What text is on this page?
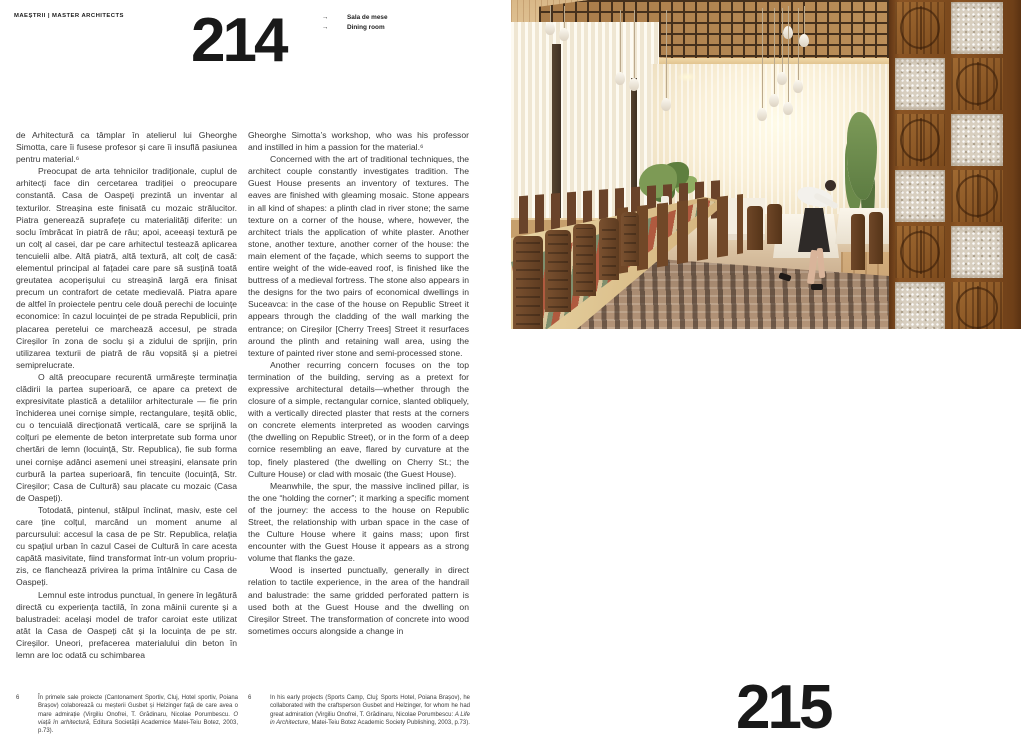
MAEȘTRII | MASTER ARCHITECTS 214
215
→	Sala de mese
→	Dining room

de Arhitectură ca tâmplar în atelierul lui Gheorghe Simotta, care îi fusese profesor și care îi insuflă pasiunea pentru material.⁶

Preocupat de arta tehnicilor tradiționale, cuplul de arhitecți face din cercetarea tradiției o preocupare constantă. Casa de Oaspeți prezintă un inventar al texturilor. Streașina este finisată cu mozaic strălucitor. Piatra generează suprafețe cu materialități diferite: un soclu îmbrăcat în piatră de râu; apoi, aceeași textură pe un colț al casei, dar pe care arhitectul testează aplicarea tencuielii albe. Altă piatră, altă textură, alt colț de casă: elementul principal al fațadei care pare să susțină toată greutatea acoperișului cu streașină largă era finisat precum un contrafort de cetate medievală. Piatra apare de altfel în proiectele pentru cele două perechi de locuințe economice: în cazul locuinței de pe strada Republicii, prin placarea peretelui ce marchează accesul, pe strada Cireșilor în zona de soclu și a zidului de sprijin, prin utilizarea texturii de piatră de râu vopsită și a pietrei semiprelucrate.

O altă preocupare recurentă urmărește terminația clădirii la partea superioară, ce apare ca pretext de expresivitate plastică a detaliilor arhitecturale — fie prin închiderea unei cornișe simple, rectangulare, teșită oblic, cu o tencuială direcționată verticală, care se sprijină la colțuri pe elemente de beton interpretate sub forma unor chertări de lemn (locuință, Str. Republica), fie sub forma unei cornișe adânci asemeni unei streașini, elansate prin curbură la partea superioară, fin tencuite (locuință, Str. Cireșilor; Casa de Cultură) sau placate cu mozaic (Casa de Oaspeți).

Totodată, pintenul, stâlpul înclinat, masiv, este cel care ține colțul, marcând un moment anume al parcursului: accesul la casa de pe Str. Republica, relația cu spațiul urban în cazul Casei de Cultură în care acesta capătă masivitate, fiind transformat într-un volum propriu-zis, ce flanchează privirea la prima întâlnire cu Casa de Oaspeți.

Lemnul este introdus punctual, în genere în legătură directă cu experiența tactilă, în zona mâinii curente și a balustradei: același model de trafor caroiat este utilizat atât la Casa de Oaspeți cât și la locuința de pe str. Cireșilor. Uneori, prefacerea materialului din beton în lemn are loc odată cu schimbarea

Gheorghe Simotta’s workshop, who was his professor and instilled in him a passion for the material.⁶

Concerned with the art of traditional techniques, the architect couple constantly investigates tradition. The Guest House presents an inventory of textures. The eaves are finished with gleaming mosaic. Stone appears in all kind of shapes: a plinth clad in river stone; the same texture on a corner of the house, where, however, the architect trials the application of white plaster. Another stone, another texture, another corner of the house: the main element of the façade, which seems to support the entire weight of the wide-eaved roof, is finished like the buttress of a medieval fortress. The stone also appears in the designs for the two pairs of economical dwellings in Suceavca: in the case of the house on Republic Street it appears through the cladding of the wall marking the entrance; on Cireșilor [Cherry Trees] Street it resurfaces around the plinth and retaining wall area, using the texture of painted river stone and semi-processed stone.

Another recurring concern focuses on the top termination of the building, serving as a pretext for expressive architectural details—whether through the closure of a simple, rectangular cornice, slanted obliquely, with a vertically directed plaster that rests at the corners on concrete elements interpreted as wooden carvings (the dwelling on Republic Street), or in the form of a deep cornice resembling an eave, flared by curvature at the top, finely plastered (the dwelling on Cherry St.; the Culture House) or clad with mosaic (the Guest House).

Meanwhile, the spur, the massive inclined pillar, is the one “holding the corner”; it marking a specific moment of the journey: the access to the house on Republic Street, the relationship with urban space in the case of the Culture House where it gains mass; upon first encounter with the Guest House it appears as a strong volume that flanks the gaze.

Wood is inserted punctually, generally in direct relation to tactile experience, in the area of the handrail and balustrade: the same gridded perforated pattern is used both at the Guest House and the dwelling on Cireșilor Street. The transformation of concrete into wood sometimes occurs alongside a change in

6	În primele sale proiecte (Cantonament Sportiv, Cluj, Hotel sportiv, Poiana Brașov) colaborează cu meșterii Gusbet și Helzinger față de care avea o mare admirație (Virgiliu Onofrei, T. Grădinaru, Nicolae Porumbescu. O viață în arhitectură, Editura Societății Academice Matei-Teiu Botez, 2003, p.73).
6	In his early projects (Sports Camp, Cluj; Sports Hotel, Poiana Brașov), he collaborated with the craftsperson Gusbet and Helzinger, for whom he had great admiration (Virgiliu Onofrei, T. Grădinaru, Nicolae Porumbescu: A Life in Architecture, Matei-Teiu Botez Academic Society Publishing, 2003, p.73).
